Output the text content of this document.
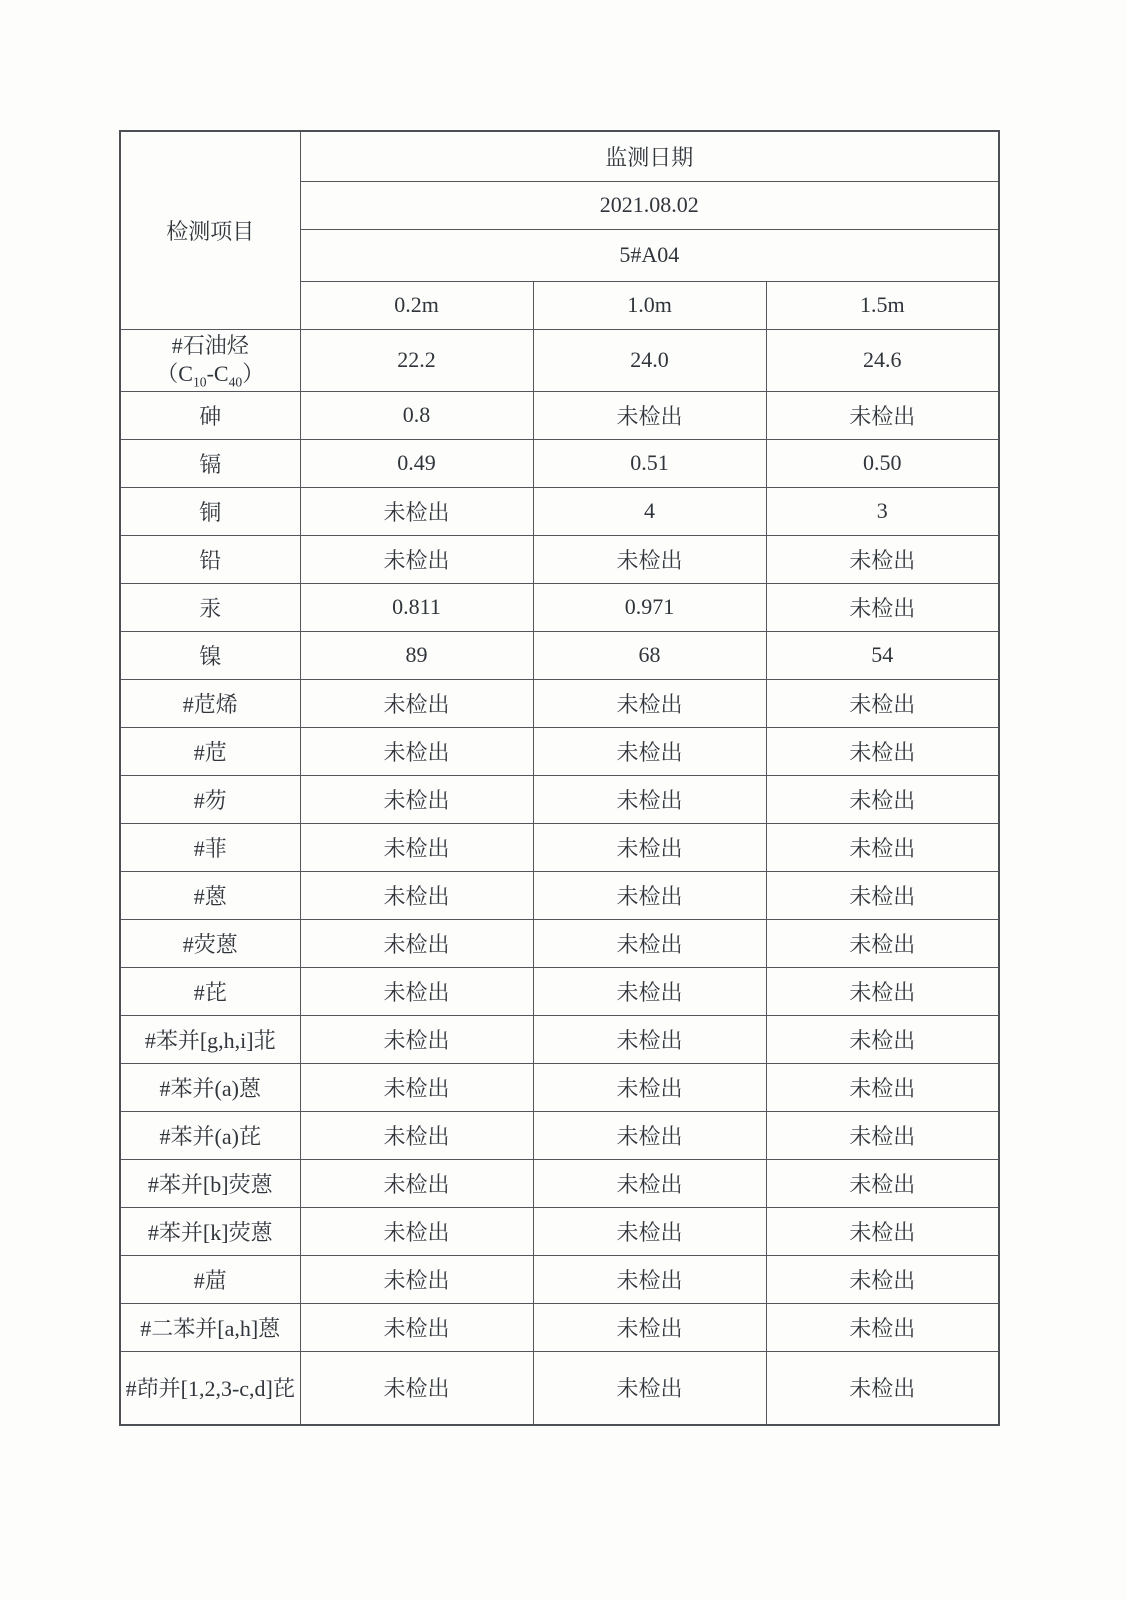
检测项目	监测日期		
	2021.08.02		
	5#A04		
	0.2m	1.0m	1.5m

#石油烃
$(C_{10}-C_{40})$	22.2	24.0	24.6
砷	0.8	未检出	未检出
镉	0.49	0.51	0.50
铜	未检出	4	3
铅	未检出	未检出	未检出
汞	0.811	0.971	未检出
镍	89	68	54
#苊烯	未检出	未检出	未检出
#苊	未检出	未检出	未检出
#芴	未检出	未检出	未检出
#菲	未检出	未检出	未检出
#蒽	未检出	未检出	未检出
#荧蒽	未检出	未检出	未检出
#芘	未检出	未检出	未检出
#苯并[g,h,i]苝	未检出	未检出	未检出
#苯并(a)蒽	未检出	未检出	未检出
#苯并(a)芘	未检出	未检出	未检出
#苯并[b]荧蒽	未检出	未检出	未检出
#苯并[k]荧蒽	未检出	未检出	未检出
#䓛	未检出	未检出	未检出
#二苯并[a,h]蒽	未检出	未检出	未检出
#茚并[1,2,3-c,d]芘	未检出	未检出	未检出
